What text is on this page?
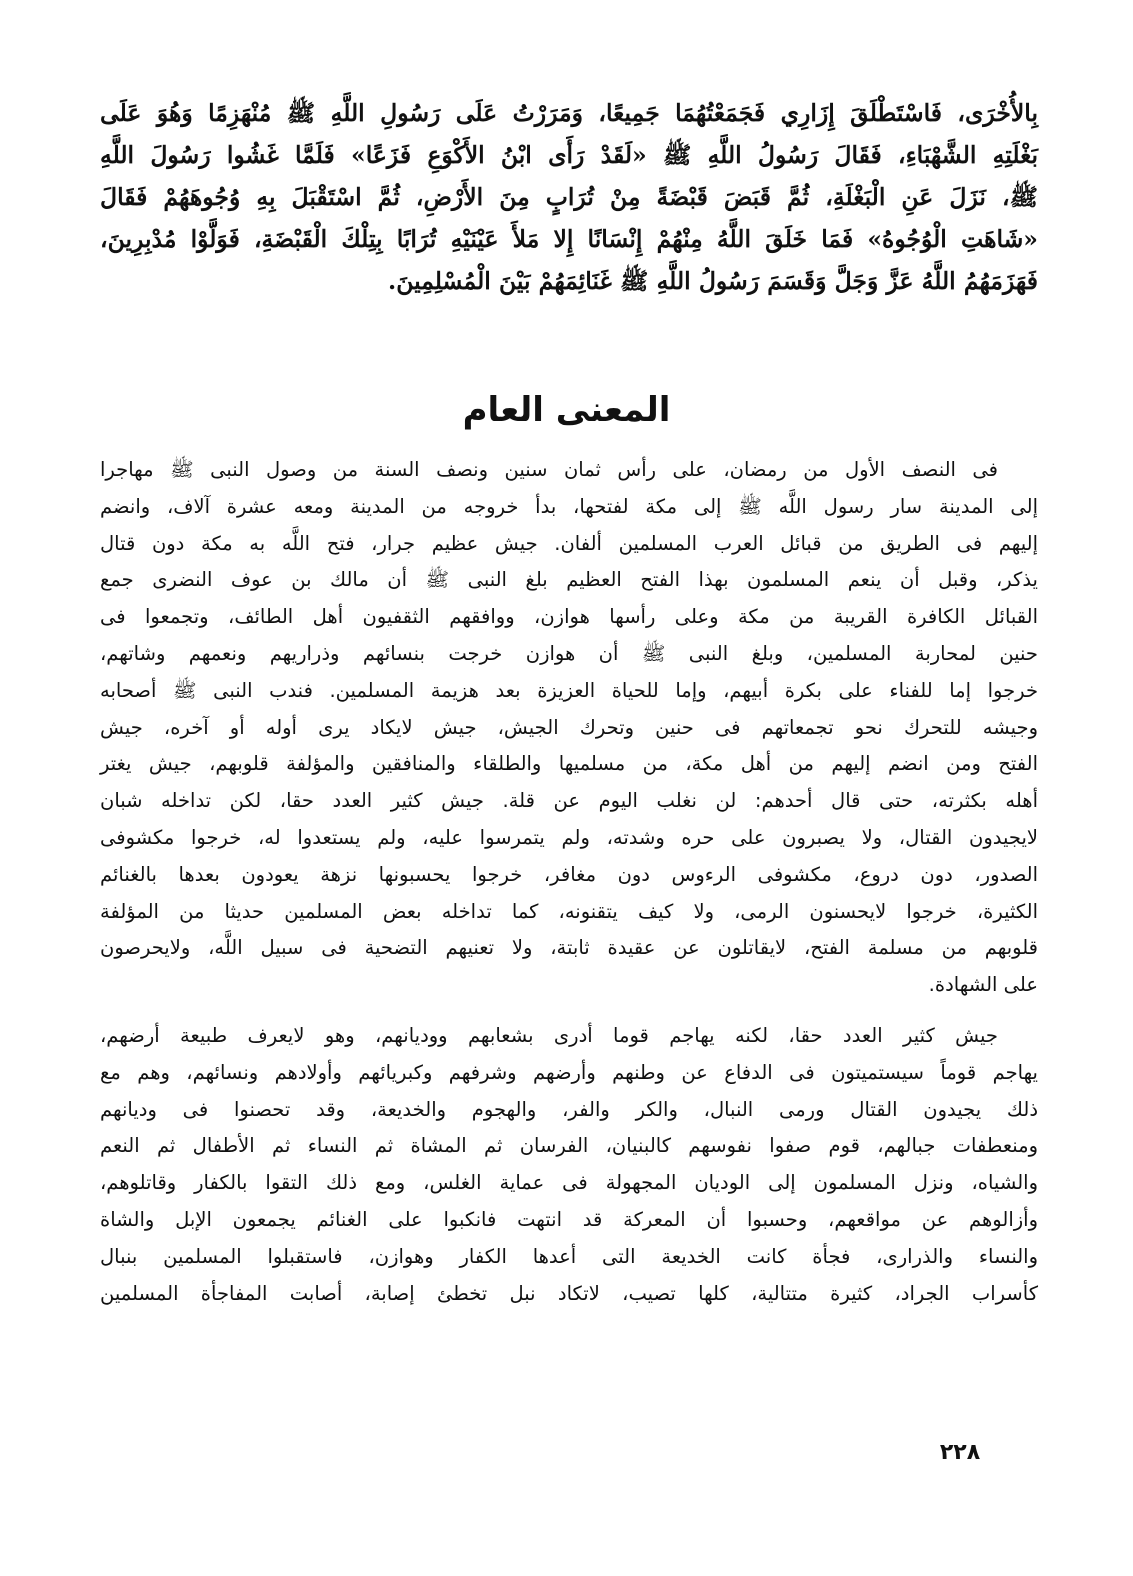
بِالأُخْرَى، فَاسْتَطْلَقَ إِزَارِي فَجَمَعْتُهُمَا جَمِيعًا، وَمَرَرْتُ عَلَى رَسُولِ اللَّهِ ﷺ مُنْهَزِمًا وَهُوَ عَلَى
بَغْلَتِهِ الشَّهْبَاءِ، فَقَالَ رَسُولُ اللَّهِ ﷺ «لَقَدْ رَأَى ابْنُ الأَكْوَعِ فَزَعًا» فَلَمَّا غَشُوا رَسُولَ اللَّهِ
ﷺ، نَزَلَ عَنِ الْبَغْلَةِ، ثُمَّ قَبَضَ قَبْضَةً مِنْ تُرَابٍ مِنَ الأَرْضِ، ثُمَّ اسْتَقْبَلَ بِهِ وُجُوهَهُمْ فَقَالَ
«شَاهَتِ الْوُجُوهُ» فَمَا خَلَقَ اللَّهُ مِنْهُمْ إِنْسَانًا إِلا مَلأَ عَيْنَيْهِ تُرَابًا بِتِلْكَ الْقَبْضَةِ، فَوَلَّوْا مُدْبِرِينَ،
فَهَزَمَهُمُ اللَّهُ عَزَّ وَجَلَّ وَقَسَمَ رَسُولُ اللَّهِ ﷺ غَنَائِمَهُمْ بَيْنَ الْمُسْلِمِينَ.
المعنى العام
فى النصف الأول من رمضان، على رأس ثمان سنين ونصف السنة من وصول النبى ﷺ مهاجرا
إلى المدينة سار رسول اللَّه ﷺ إلى مكة لفتحها، بدأ خروجه من المدينة ومعه عشرة آلاف، وانضم
إليهم فى الطريق من قبائل العرب المسلمين ألفان. جيش عظيم جرار، فتح اللَّه به مكة دون قتال
يذكر، وقبل أن ينعم المسلمون بهذا الفتح العظيم بلغ النبى ﷺ أن مالك بن عوف النضرى جمع
القبائل الكافرة القريبة من مكة وعلى رأسها هوازن، ووافقهم الثقفيون أهل الطائف، وتجمعوا فى
حنين لمحاربة المسلمين، وبلغ النبى ﷺ أن هوازن خرجت بنسائهم وذراريهم ونعمهم وشاتهم،
خرجوا إما للفناء على بكرة أبيهم، وإما للحياة العزيزة بعد هزيمة المسلمين. فندب النبى ﷺ أصحابه
وجيشه للتحرك نحو تجمعاتهم فى حنين وتحرك الجيش، جيش لايكاد يرى أوله أو آخره، جيش
الفتح ومن انضم إليهم من أهل مكة، من مسلميها والطلقاء والمنافقين والمؤلفة قلوبهم، جيش يغتر
أهله بكثرته، حتى قال أحدهم: لن نغلب اليوم عن قلة. جيش كثير العدد حقا، لكن تداخله شبان
لايجيدون القتال، ولا يصبرون على حره وشدته، ولم يتمرسوا عليه، ولم يستعدوا له، خرجوا مكشوفى
الصدور، دون دروع، مكشوفى الرءوس دون مغافر، خرجوا يحسبونها نزهة يعودون بعدها بالغنائم
الكثيرة، خرجوا لايحسنون الرمى، ولا كيف يتقنونه، كما تداخله بعض المسلمين حديثا من المؤلفة
قلوبهم من مسلمة الفتح، لايقاتلون عن عقيدة ثابتة، ولا تعنيهم التضحية فى سبيل اللَّه، ولايحرصون
على الشهادة.
جيش كثير العدد حقا، لكنه يهاجم قوما أدرى بشعابهم ووديانهم، وهو لايعرف طبيعة أرضهم،
يهاجم قوماً سيستميتون فى الدفاع عن وطنهم وأرضهم وشرفهم وكبريائهم وأولادهم ونسائهم، وهم مع
ذلك يجيدون القتال ورمى النبال، والكر والفر، والهجوم والخديعة، وقد تحصنوا فى وديانهم
ومنعطفات جبالهم، قوم صفوا نفوسهم كالبنيان، الفرسان ثم المشاة ثم النساء ثم الأطفال ثم النعم
والشياه، ونزل المسلمون إلى الوديان المجهولة فى عماية الغلس، ومع ذلك التقوا بالكفار وقاتلوهم،
وأزالوهم عن مواقعهم، وحسبوا أن المعركة قد انتهت فانكبوا على الغنائم يجمعون الإبل والشاة
والنساء والذرارى، فجأة كانت الخديعة التى أعدها الكفار وهوازن، فاستقبلوا المسلمين بنبال
كأسراب الجراد، كثيرة متتالية، كلها تصيب، لاتكاد نبل تخطئ إصابة، أصابت المفاجأة المسلمين
٢٢٨
